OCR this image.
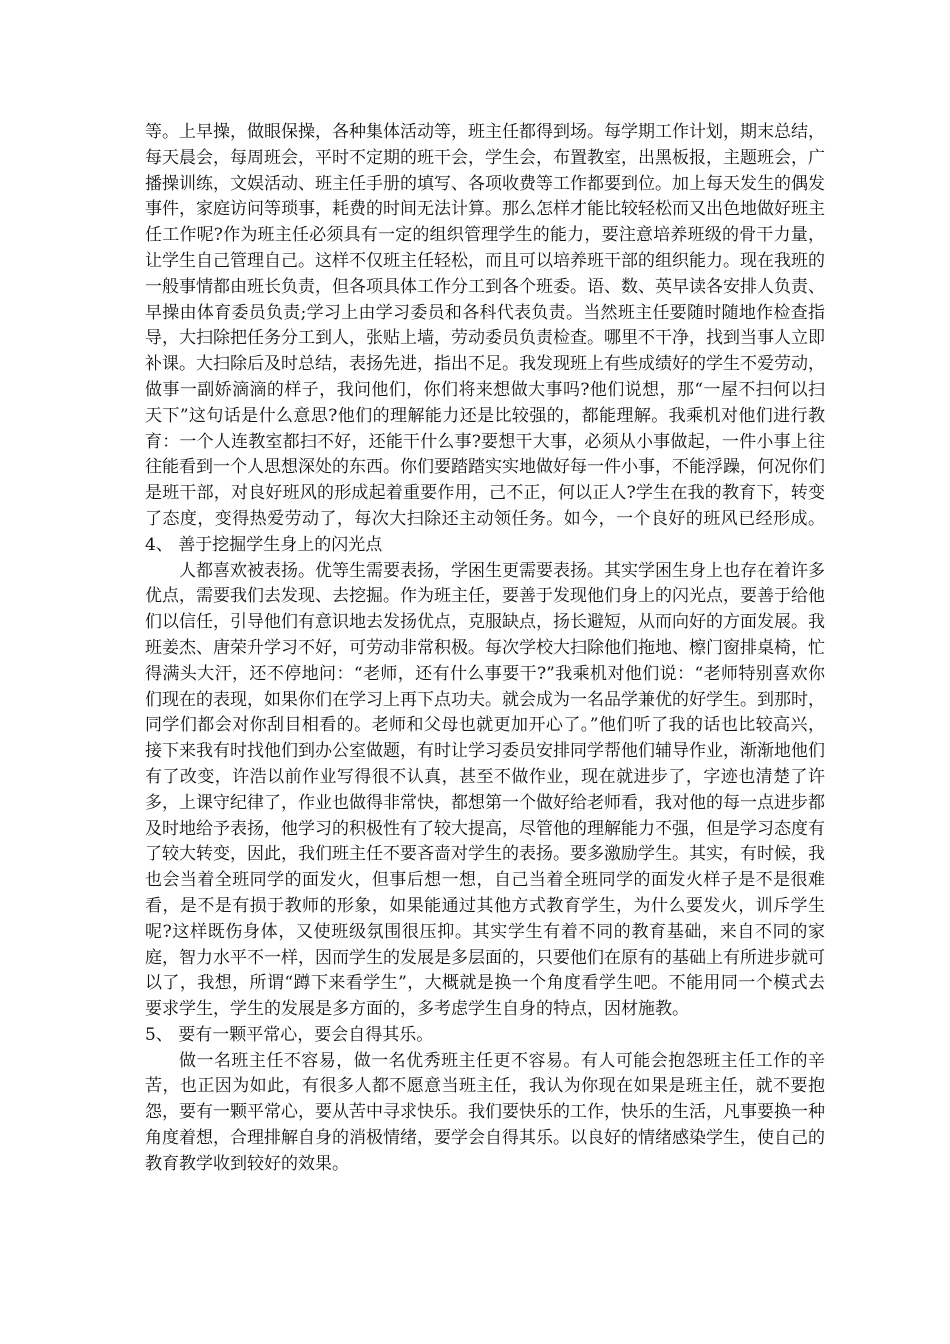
等。上早操，做眼保操，各种集体活动等，班主任都得到场。每学期工作计划，期末总结，每天晨会，每周班会，平时不定期的班干会，学生会，布置教室，出黑板报，主题班会，广播操训练，文娱活动、班主任手册的填写、各项收费等工作都要到位。加上每天发生的偶发事件，家庭访问等琐事，耗费的时间无法计算。那么怎样才能比较轻松而又出色地做好班主任工作呢?作为班主任必须具有一定的组织管理学生的能力，要注意培养班级的骨干力量，让学生自己管理自己。这样不仅班主任轻松，而且可以培养班干部的组织能力。现在我班的一般事情都由班长负责，但各项具体工作分工到各个班委。语、数、英早读各安排人负责、早操由体育委员负责;学习上由学习委员和各科代表负责。当然班主任要随时随地作检查指导，大扫除把任务分工到人，张贴上墙，劳动委员负责检查。哪里不干净，找到当事人立即补课。大扫除后及时总结，表扬先进，指出不足。我发现班上有些成绩好的学生不爱劳动，做事一副娇滴滴的样子，我问他们，你们将来想做大事吗?他们说想，那“一屋不扫何以扫天下”这句话是什么意思?他们的理解能力还是比较强的，都能理解。我乘机对他们进行教育：一个人连教室都扫不好，还能干什么事?要想干大事，必须从小事做起，一件小事上往往能看到一个人思想深处的东西。你们要踏踏实实地做好每一件小事，不能浮躁，何况你们是班干部，对良好班风的形成起着重要作用，己不正，何以正人?学生在我的教育下，转变了态度，变得热爱劳动了，每次大扫除还主动领任务。如今，一个良好的班风已经形成。 4、 善于挖掘学生身上的闪光点

人都喜欢被表扬。优等生需要表扬，学困生更需要表扬。其实学困生身上也存在着许多优点，需要我们去发现、去挖掘。作为班主任，要善于发现他们身上的闪光点，要善于给他们以信任，引导他们有意识地去发扬优点，克服缺点，扬长避短，从而向好的方面发展。我班姜杰、唐荣升学习不好，可劳动非常积极。每次学校大扫除他们拖地、檫门窗排桌椅，忙得满头大汗，还不停地问：“老师，还有什么事要干?”我乘机对他们说：“老师特别喜欢你们现在的表现，如果你们在学习上再下点功夫。就会成为一名品学兼优的好学生。到那时，同学们都会对你刮目相看的。老师和父母也就更加开心了。”他们听了我的话也比较高兴，接下来我有时找他们到办公室做题，有时让学习委员安排同学帮他们辅导作业，渐渐地他们有了改变，许浩以前作业写得很不认真，甚至不做作业，现在就进步了，字迹也清楚了许多，上课守纪律了，作业也做得非常快，都想第一个做好给老师看，我对他的每一点进步都及时地给予表扬，他学习的积极性有了较大提高，尽管他的理解能力不强，但是学习态度有了较大转变，因此，我们班主任不要吝啬对学生的表扬。要多激励学生。其实，有时候，我也会当着全班同学的面发火，但事后想一想，自己当着全班同学的面发火样子是不是很难看，是不是有损于教师的形象，如果能通过其他方式教育学生，为什么要发火，训斥学生呢?这样既伤身体，又使班级氛围很压抑。其实学生有着不同的教育基础，来自不同的家庭，智力水平不一样，因而学生的发展是多层面的，只要他们在原有的基础上有所进步就可以了，我想，所谓“蹲下来看学生”，大概就是换一个角度看学生吧。不能用同一个模式去要求学生，学生的发展是多方面的，多考虑学生自身的特点，因材施教。

5、 要有一颗平常心，要会自得其乐。

做一名班主任不容易，做一名优秀班主任更不容易。有人可能会抱怨班主任工作的辛苦，也正因为如此，有很多人都不愿意当班主任，我认为你现在如果是班主任，就不要抱怨，要有一颗平常心，要从苦中寻求快乐。我们要快乐的工作，快乐的生活，凡事要换一种角度着想，合理排解自身的消极情绪，要学会自得其乐。以良好的情绪感染学生，使自己的教育教学收到较好的效果。
